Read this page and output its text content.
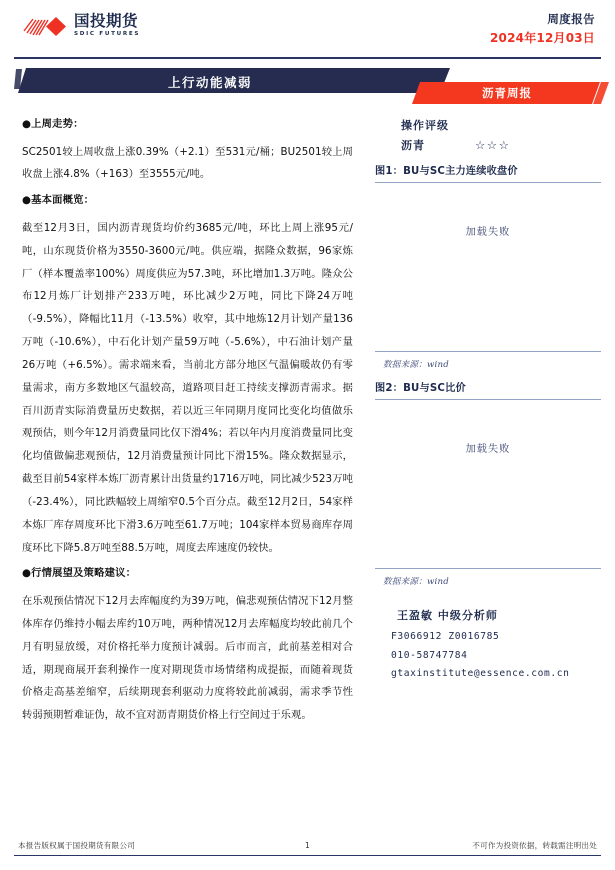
国投期货
SDIC FUTURES
周度报告
2024年12月03日
上行动能减弱
沥青周报
●上周走势：

SC2501较上周收盘上涨0.39%（+2.1）至531元/桶；BU2501较上周收盘上涨4.8%（+163）至3555元/吨。

●基本面概览：

截至12月3日，国内沥青现货均价约3685元/吨，环比上周上涨95元/吨，山东现货价格为3550-3600元/吨。供应端，据隆众数据，96家炼厂（样本覆盖率100%）周度供应为57.3吨，环比增加1.3万吨。隆众公布12月炼厂计划排产233万吨，环比减少2万吨，同比下降24万吨（-9.5%），降幅比11月（-13.5%）收窄，其中地炼12月计划产量136万吨（-10.6%），中石化计划产量59万吨（-5.6%），中石油计划产量26万吨（+6.5%）。需求端来看，当前北方部分地区气温偏暖故仍有零量需求，南方多数地区气温较高，道路项目赶工持续支撑沥青需求。据百川沥青实际消费量历史数据，若以近三年同期月度同比变化均值做乐观预估，则今年12月消费量同比仅下滑4%；若以年内月度消费量同比变化均值做偏悲观预估，12月消费量预计同比下滑15%。隆众数据显示，截至目前54家样本炼厂沥青累计出货量约1716万吨，同比减少523万吨（-23.4%），同比跌幅较上周缩窄0.5个百分点。截至12月2日，54家样本炼厂库存周度环比下滑3.6万吨至61.7万吨；104家样本贸易商库存周度环比下降5.8万吨至88.5万吨，周度去库速度仍较快。

●行情展望及策略建议：

在乐观预估情况下12月去库幅度约为39万吨，偏悲观预估情况下12月整体库存仍维持小幅去库约10万吨，两种情况12月去库幅度均较此前几个月有明显放缓，对价格托举力度预计减弱。后市而言，此前基差相对合适，期现商展开套利操作一度对期现货市场情绪构成提振，而随着现货价格走高基差缩窄，后续期现套利驱动力度将较此前减弱，需求季节性转弱预期暂难证伪，故不宜对沥青期货价格上行空间过于乐观。

操作评级
沥青	☆☆☆
图1：BU与SC主力连续收盘价
加载失败
数据来源：wind
图2：BU与SC比价
加载失败
数据来源：wind
王盈敏 中级分析师
F3066912 Z0016785
010-58747784
gtaxinstitute@essence.com.cn
本报告版权属于国投期货有限公司	1	不可作为投资依据，转载需注明出处
